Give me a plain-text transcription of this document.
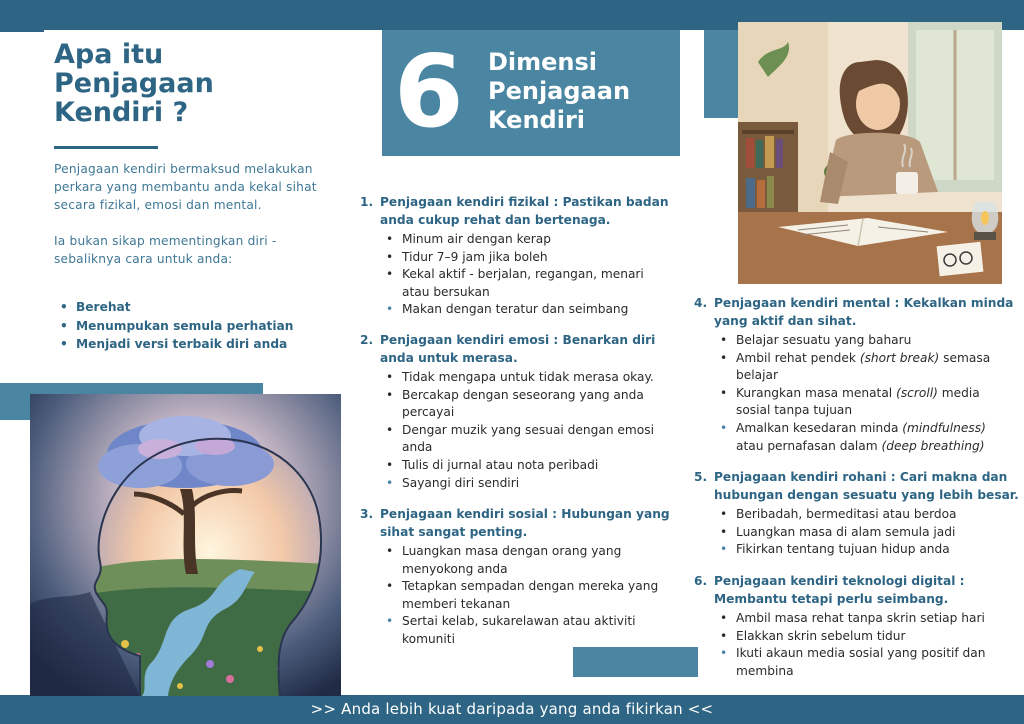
Apa itu
Penjagaan
Kendiri ?

Penjagaan kendiri bermaksud melakukan perkara yang membantu anda kekal sihat secara fizikal, emosi dan mental.

Ia bukan sikap mementingkan diri - sebaliknya cara untuk anda:

• Berehat
• Menumpukan semula perhatian
• Menjadi versi terbaik diri anda
6 Dimensi
Penjagaan
Kendiri
1. Penjagaan kendiri fizikal : Pastikan badan anda cukup rehat dan bertenaga.
• Minum air dengan kerap
• Tidur 7–9 jam jika boleh
• Kekal aktif - berjalan, regangan, menari atau bersukan
• Makan dengan teratur dan seimbang
2. Penjagaan kendiri emosi : Benarkan diri anda untuk merasa.
• Tidak mengapa untuk tidak merasa okay.
• Bercakap dengan seseorang yang anda percayai
• Dengar muzik yang sesuai dengan emosi anda
• Tulis di jurnal atau nota peribadi
• Sayangi diri sendiri
3. Penjagaan kendiri sosial : Hubungan yang sihat sangat penting.
• Luangkan masa dengan orang yang menyokong anda
• Tetapkan sempadan dengan mereka yang memberi tekanan
• Sertai kelab, sukarelawan atau aktiviti komuniti
4. Penjagaan kendiri mental : Kekalkan minda yang aktif dan sihat.
• Belajar sesuatu yang baharu
• Ambil rehat pendek (short break) semasa belajar
• Kurangkan masa menatal (scroll) media sosial tanpa tujuan
• Amalkan kesedaran minda (mindfulness) atau pernafasan dalam (deep breathing)
5. Penjagaan kendiri rohani : Cari makna dan hubungan dengan sesuatu yang lebih besar.
• Beribadah, bermeditasi atau berdoa
• Luangkan masa di alam semula jadi
• Fikirkan tentang tujuan hidup anda
6. Penjagaan kendiri teknologi digital : Membantu tetapi perlu seimbang.
• Ambil masa rehat tanpa skrin setiap hari
• Elakkan skrin sebelum tidur
• Ikuti akaun media sosial yang positif dan membina
>> Anda lebih kuat daripada yang anda fikirkan <<
